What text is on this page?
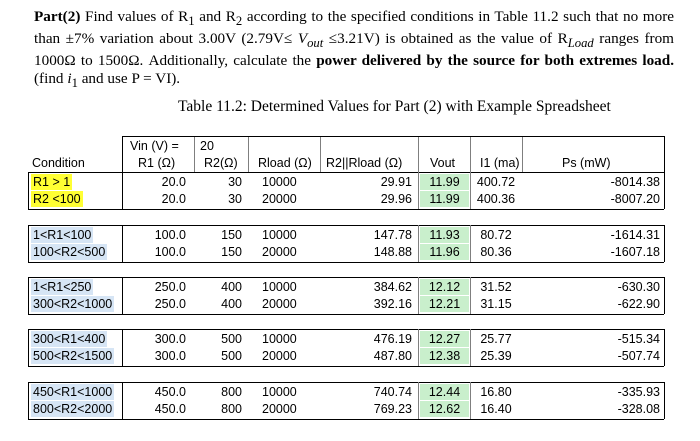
Part(2) Find values of $R_1$ and $R_2$ according to the specified conditions in Table 11.2 such that no more than ±7% variation about 3.00V $(2.79V\le V_{out} \le 3.21V)$ is obtained as the value of $R_{Load}$ ranges from 1000Ω to 1500Ω. Additionally, calculate the power delivered by the source for both extremes load. (find $i_1$ and use P = VI).
Table 11.2: Determined Values for Part (2) with Example Spreadsheet
Vin (V) = 20
Condition	R1 (Ω) R2(Ω) Rload (Ω) R2||Rload (Ω) Vout I1 (ma)	Ps (mW)
R1 > 1	20.0	30 10000	29.91	11.99	400.72	-8014.38
R2 <100	20.0	30 20000	29.96	11.99	400.36	-8007.20
1<R1<100	100.0	150 10000	147.78	11.93	80.72	-1614.31
100<R2<500	100.0	150 20000	148.88	11.96	80.36	-1607.18
1<R1<250	250.0	400 10000	384.62	12.12	31.52	-630.30
300<R2<1000	250.0	400 20000	392.16	12.21	31.15	-622.90
300<R1<400	300.0	500 10000	476.19	12.27	25.77	-515.34
500<R2<1500	300.0	500 20000	487.80	12.38	25.39	-507.74
450<R1<1000	450.0	800 10000	740.74	12.44	16.80	-335.93
800<R2<2000	450.0	800 20000	769.23	12.62	16.40	-328.08
